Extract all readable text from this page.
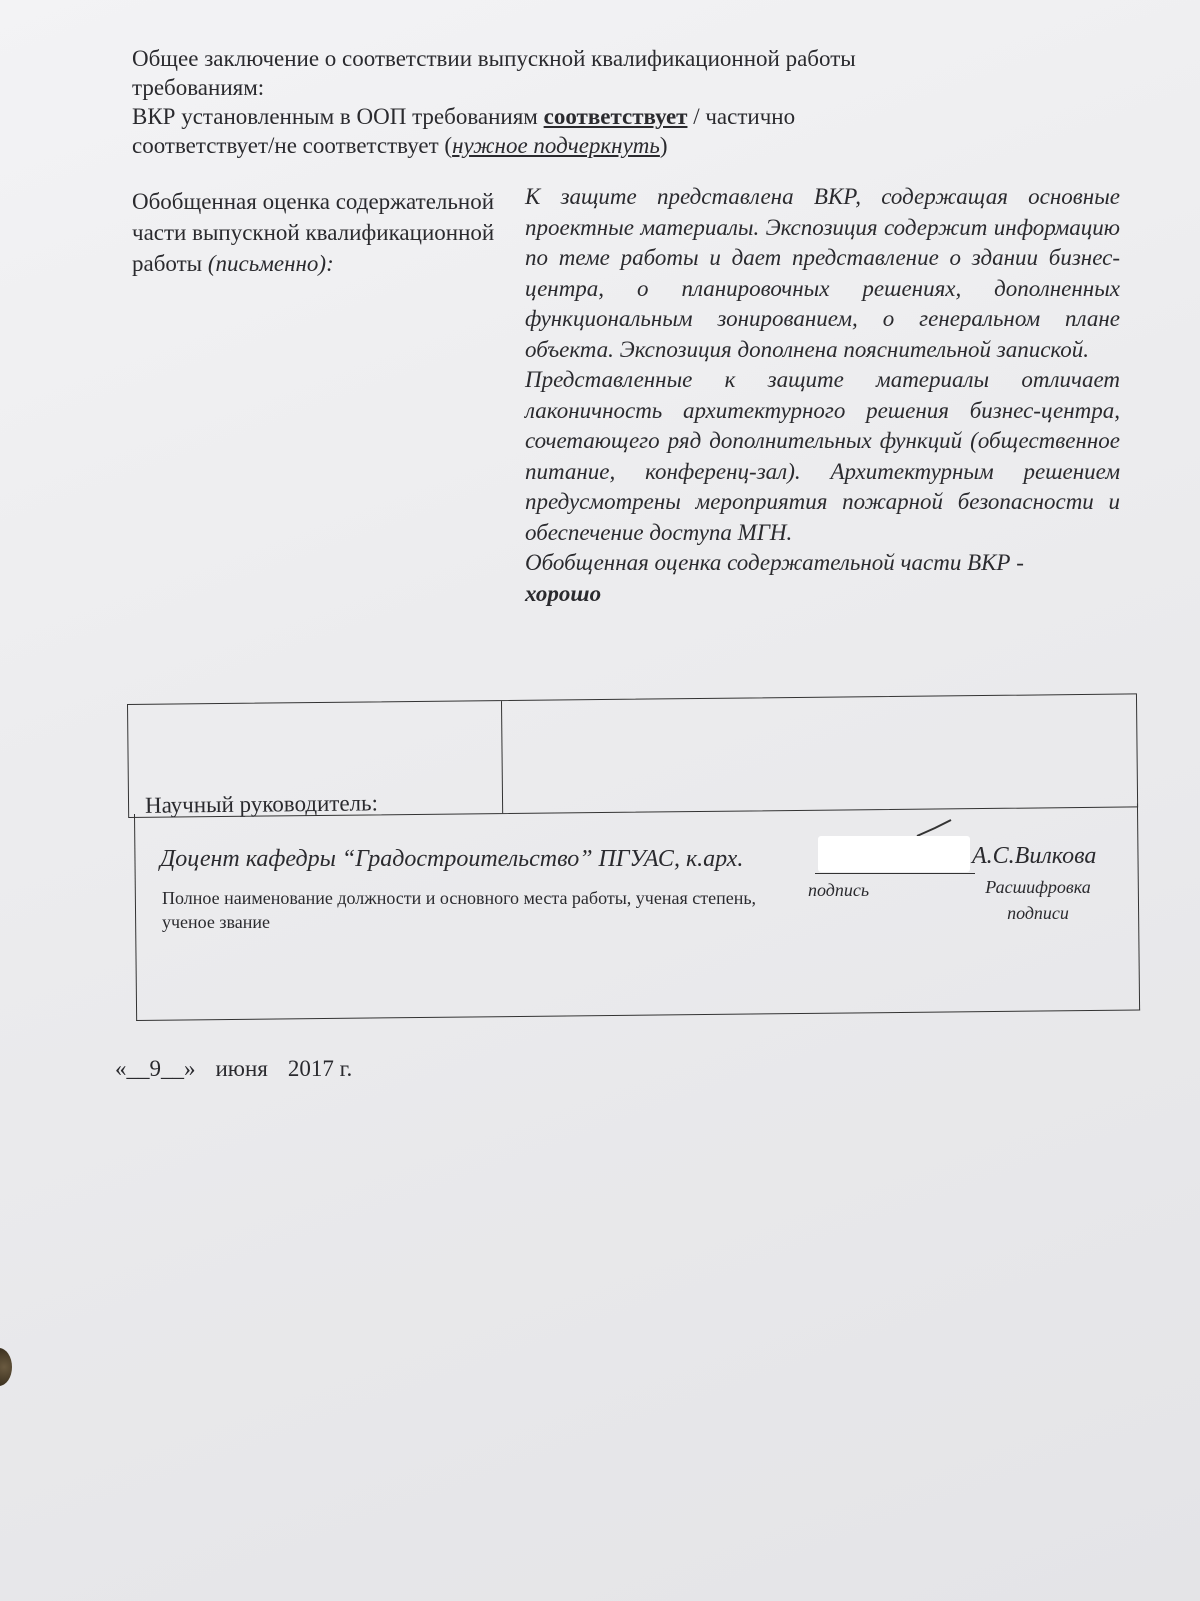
Общее заключение о соответствии выпускной квалификационной работы требованиям:

ВКР установленным в ООП требованиям соответствует / частично

соответствует/не соответствует (нужное подчеркнуть)

Обобщенная оценка содержательной части выпускной квалификационной работы (письменно):

К защите представлена ВКР, содержащая основные проектные материалы. Экспозиция содержит информацию по теме работы и дает представление о здании бизнес-центра, о планировочных решениях, дополненных функциональным зонированием, о генеральном плане объекта. Экспозиция дополнена пояснительной запиской.

Представленные к защите материалы отличает лаконичность архитектурного решения бизнес-центра, сочетающего ряд дополнительных функций (общественное питание, конференц-зал). Архитектурным решением предусмотрены мероприятия пожарной безопасности и обеспечение доступа МГН.

Обобщенная оценка содержательной части ВКР -

хорошо

Научный руководитель:
Доцент кафедры “Градостроительство” ПГУАС, к.арх.	А.С.Вилкова
Полное наименование должности и основного места работы, ученая степень, ученое звание
подпись	Расшифровка подписи
«__9__» июня 2017 г.
